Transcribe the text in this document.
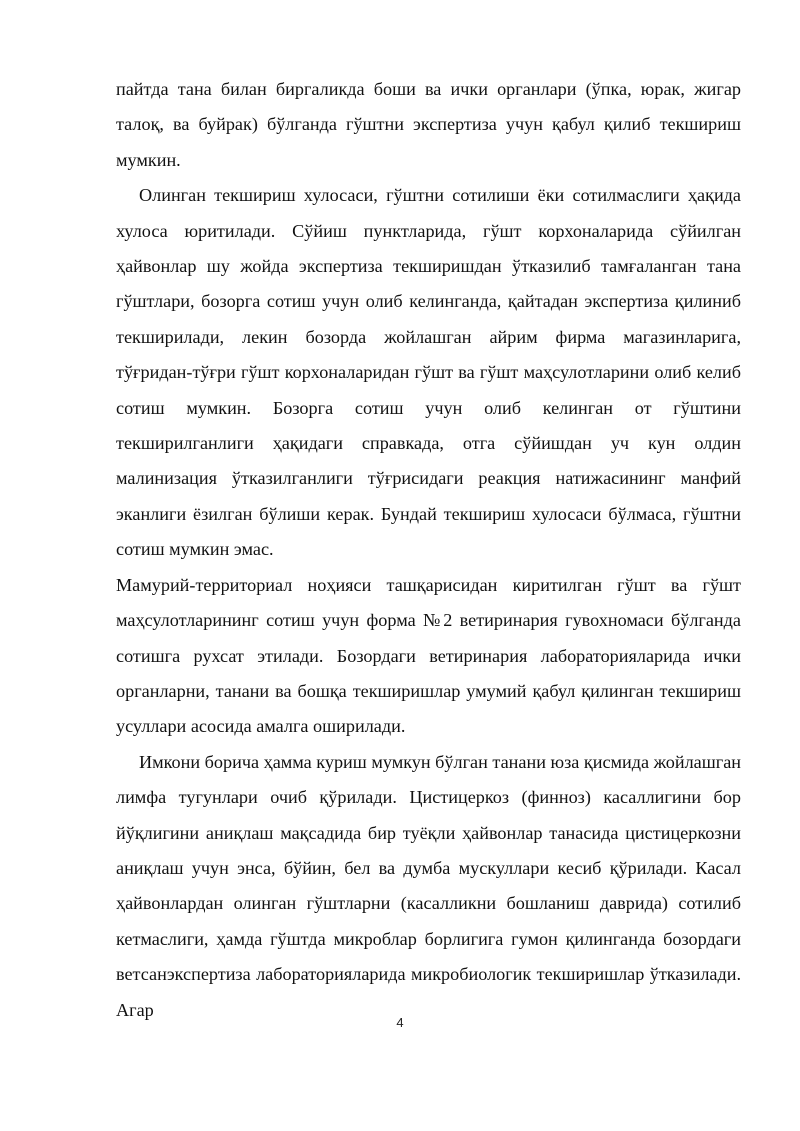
пайтда тана билан биргаликда боши ва ички органлари (ўпка, юрак, жигар талоқ, ва буйрак) бўлганда гўштни экспертиза учун қабул қилиб текшириш мумкин.

Олинган текшириш хулосаси, гўштни сотилиши ёки сотилмаслиги ҳақида хулоса юритилади. Сўйиш пунктларида, гўшт корхоналарида сўйилган ҳайвонлар шу жойда экспертиза текширишдан ўтказилиб тамғаланган тана гўштлари, бозорга сотиш учун олиб келинганда, қайтадан экспертиза қилиниб текширилади, лекин бозорда жойлашган айрим фирма магазинларига, тўғридан-тўғри гўшт корхоналаридан гўшт ва гўшт маҳсулотларини олиб келиб сотиш мумкин. Бозорга сотиш учун олиб келинган от гўштини текширилганлиги ҳақидаги справкада, отга сўйишдан уч кун олдин малинизация ўтказилганлиги тўғрисидаги реакция натижасининг манфий эканлиги ёзилган бўлиши керак. Бундай текшириш хулосаси бўлмаса, гўштни сотиш мумкин эмас.

Мамурий-территориал ноҳияси ташқарисидан киритилган гўшт ва гўшт маҳсулотларининг сотиш учун форма №2 ветиринария гувохномаси бўлганда сотишга рухсат этилади. Бозордаги ветиринария лабораторияларида ички органларни, танани ва бошқа текширишлар умумий қабул қилинган текшириш усуллари асосида амалга оширилади.

Имкони борича ҳамма куриш мумкун бўлган танани юза қисмида жойлашган лимфа тугунлари очиб қўрилади. Цистицеркоз (финноз) касаллигини бор йўқлигини аниқлаш мақсадида бир туёқли ҳайвонлар танасида цистицеркозни аниқлаш учун энса, бўйин, бел ва думба мускуллари кесиб қўрилади. Касал ҳайвонлардан олинган гўштларни (касалликни бошланиш даврида) сотилиб кетмаслиги, ҳамда гўштда микроблар борлигига гумон қилинганда бозордаги ветсанэкспертиза лабораторияларида микробиологик текширишлар ўтказилади. Агар

4
